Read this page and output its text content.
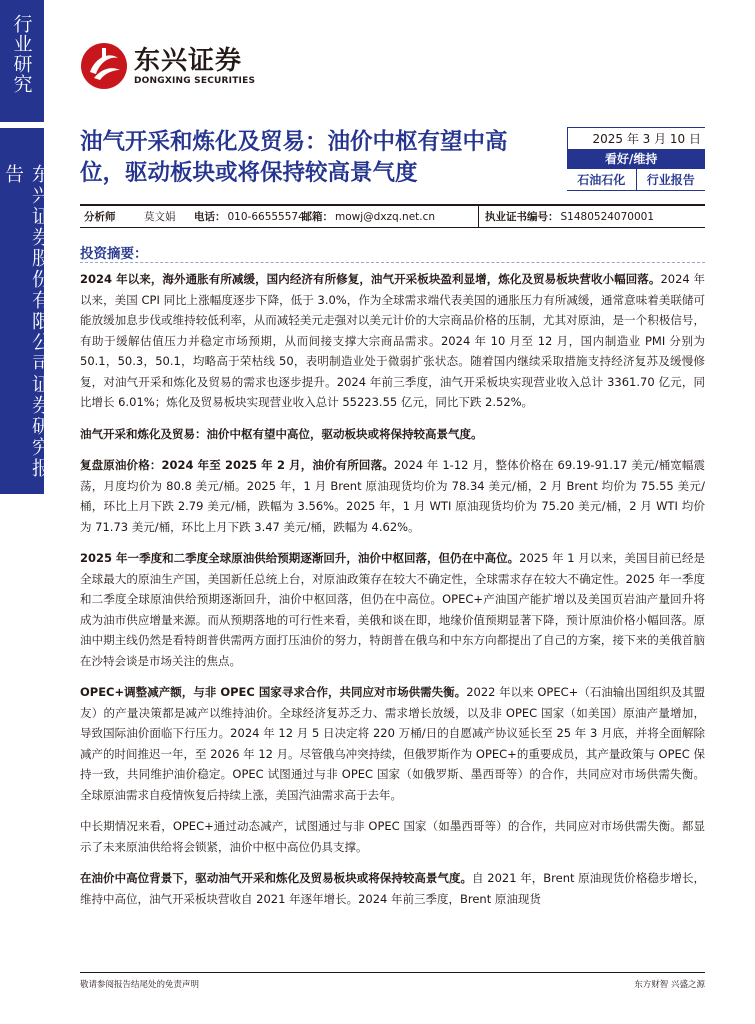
行业研究
东兴证券股份有限公司证券研究报告
东兴证券
DONGXING SECURITIES
油气开采和炼化及贸易：油价中枢有望中高位，驱动板块或将保持较高景气度
2025 年 3 月 10 日
看好/维持
石油石化	行业报告
分析师	莫文娟	电话： 010-66555574
邮箱： mowj@dxzq.net.cn	执业证书编号： S1480524070001
投资摘要：

2024 年以来，海外通胀有所减缓，国内经济有所修复，油气开采板块盈利显增，炼化及贸易板块营收小幅回落。2024 年以来，美国 CPI 同比上涨幅度逐步下降，低于 3.0%，作为全球需求端代表美国的通胀压力有所减缓，通常意味着美联储可能放缓加息步伐或维持较低利率，从而减轻美元走强对以美元计价的大宗商品价格的压制，尤其对原油，是一个积极信号，有助于缓解估值压力并稳定市场预期，从而间接支撑大宗商品需求。2024 年 10 月至 12 月，国内制造业 PMI 分别为 50.1，50.3，50.1，均略高于荣枯线 50，表明制造业处于微弱扩张状态。随着国内继续采取措施支持经济复苏及缓慢修复，对油气开采和炼化及贸易的需求也逐步提升。2024 年前三季度，油气开采板块实现营业收入总计 3361.70 亿元，同比增长 6.01%；炼化及贸易板块实现营业收入总计 55223.55 亿元，同比下跌 2.52%。

油气开采和炼化及贸易：油价中枢有望中高位，驱动板块或将保持较高景气度。

复盘原油价格：2024 年至 2025 年 2 月，油价有所回落。2024 年 1-12 月，整体价格在 69.19-91.17 美元/桶宽幅震荡，月度均价为 80.8 美元/桶。2025 年，1 月 Brent 原油现货均价为 78.34 美元/桶，2 月 Brent 均价为 75.55 美元/桶，环比上月下跌 2.79 美元/桶，跌幅为 3.56%。2025 年，1 月 WTI 原油现货均价为 75.20 美元/桶，2 月 WTI 均价为 71.73 美元/桶，环比上月下跌 3.47 美元/桶，跌幅为 4.62%。

2025 年一季度和二季度全球原油供给预期逐渐回升，油价中枢回落，但仍在中高位。2025 年 1 月以来，美国目前已经是全球最大的原油生产国，美国新任总统上台，对原油政策存在较大不确定性，全球需求存在较大不确定性。2025 年一季度和二季度全球原油供给预期逐渐回升，油价中枢回落，但仍在中高位。OPEC+产油国产能扩增以及美国页岩油产量回升将成为油市供应增量来源。而从预期落地的可行性来看，美俄和谈在即，地缘价值预期显著下降，预计原油价格小幅回落。原油中期主线仍然是看特朗普供需两方面打压油价的努力，特朗普在俄乌和中东方向都提出了自己的方案，接下来的美俄首脑在沙特会谈是市场关注的焦点。

OPEC+调整减产额，与非 OPEC 国家寻求合作，共同应对市场供需失衡。2022 年以来 OPEC+（石油输出国组织及其盟友）的产量决策都是减产以维持油价。全球经济复苏乏力、需求增长放缓，以及非 OPEC 国家（如美国）原油产量增加，导致国际油价面临下行压力。2024 年 12 月 5 日决定将 220 万桶/日的自愿减产协议延长至 25 年 3 月底，并将全面解除减产的时间推迟一年，至 2026 年 12 月。尽管俄乌冲突持续，但俄罗斯作为 OPEC+的重要成员，其产量政策与 OPEC 保持一致，共同维护油价稳定。OPEC 试图通过与非 OPEC 国家（如俄罗斯、墨西哥等）的合作，共同应对市场供需失衡。全球原油需求自疫情恢复后持续上涨，美国汽油需求高于去年。

中长期情况来看，OPEC+通过动态减产，试图通过与非 OPEC 国家（如墨西哥等）的合作，共同应对市场供需失衡。都显示了未来原油供给将会锁紧，油价中枢中高位仍具支撑。

在油价中高位背景下，驱动油气开采和炼化及贸易板块或将保持较高景气度。自 2021 年，Brent 原油现货价格稳步增长，维持中高位，油气开采板块营收自 2021 年逐年增长。2024 年前三季度，Brent 原油现货

敬请参阅报告结尾处的免责声明	东方财智 兴盛之源
